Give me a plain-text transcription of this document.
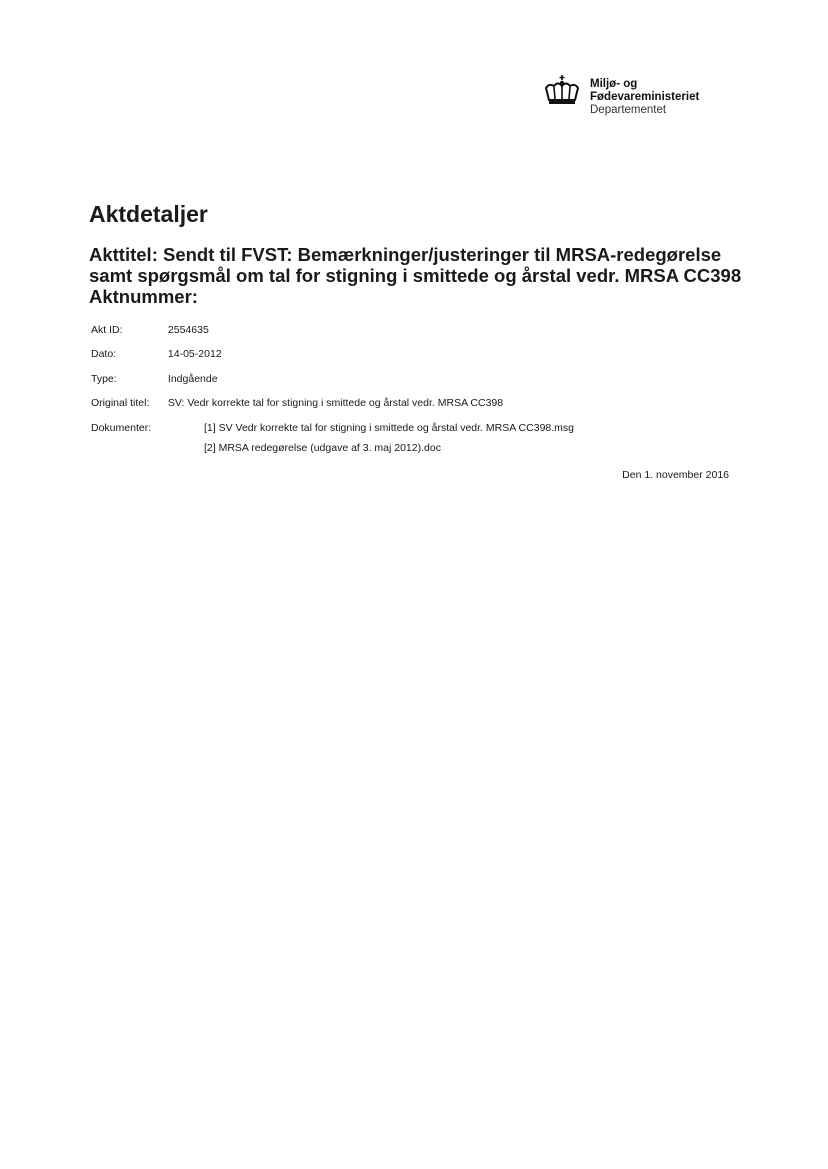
Miljø- og
Fødevareministeriet
Departementet
Aktdetaljer
Akttitel: Sendt til FVST: Bemærkninger/justeringer til MRSA-redegørelse
samt spørgsmål om tal for stigning i smittede og årstal vedr. MRSA CC398
Aktnummer:
Akt ID:	2554635
Dato:	14-05-2012
Type:	Indgående
Original titel: SV: Vedr korrekte tal for stigning i smittede og årstal vedr. MRSA CC398
Dokumenter:	[1] SV Vedr korrekte tal for stigning i smittede og årstal vedr. MRSA CC398.msg
[2] MRSA redegørelse (udgave af 3. maj 2012).doc
Den 1. november 2016
